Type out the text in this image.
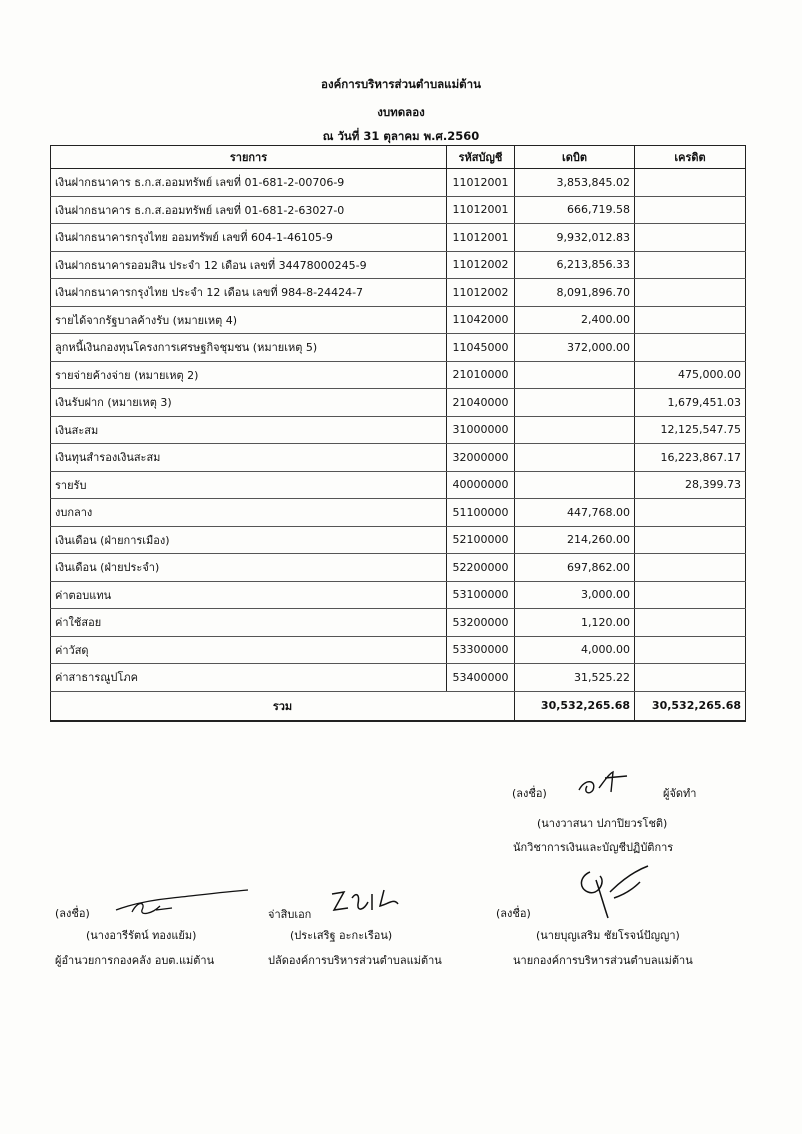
องค์การบริหารส่วนตำบลแม่ต้าน
งบทดลอง
ณ วันที่ 31 ตุลาคม พ.ศ.2560
รายการ	รหัสบัญชี	เดบิต	เครดิต
เงินฝากธนาคาร ธ.ก.ส.ออมทรัพย์ เลขที่ 01-681-2-00706-9	11012001	3,853,845.02	
เงินฝากธนาคาร ธ.ก.ส.ออมทรัพย์ เลขที่ 01-681-2-63027-0	11012001	666,719.58	
เงินฝากธนาคารกรุงไทย ออมทรัพย์ เลขที่ 604-1-46105-9	11012001	9,932,012.83	
เงินฝากธนาคารออมสิน ประจำ 12 เดือน เลขที่ 34478000245-9	11012002	6,213,856.33	
เงินฝากธนาคารกรุงไทย ประจำ 12 เดือน เลขที่ 984-8-24424-7	11012002	8,091,896.70	
รายได้จากรัฐบาลค้างรับ (หมายเหตุ 4)	11042000	2,400.00	
ลูกหนี้เงินกองทุนโครงการเศรษฐกิจชุมชน (หมายเหตุ 5)	11045000	372,000.00	
รายจ่ายค้างจ่าย (หมายเหตุ 2)	21010000		475,000.00
เงินรับฝาก (หมายเหตุ 3)	21040000		1,679,451.03
เงินสะสม	31000000		12,125,547.75
เงินทุนสำรองเงินสะสม	32000000		16,223,867.17
รายรับ	40000000		28,399.73
งบกลาง	51100000	447,768.00	
เงินเดือน (ฝ่ายการเมือง)	52100000	214,260.00	
เงินเดือน (ฝ่ายประจำ)	52200000	697,862.00	
ค่าตอบแทน	53100000	3,000.00	
ค่าใช้สอย	53200000	1,120.00	
ค่าวัสดุ	53300000	4,000.00	
ค่าสาธารณูปโภค	53400000	31,525.22	
รวม		30,532,265.68	30,532,265.68
(ลงชื่อ)	ผู้จัดทำ
(นางวาสนา ปภาปิยวรโชติ)
นักวิชาการเงินและบัญชีปฏิบัติการ
(ลงชื่อ)
(นางอารีรัตน์ ทองแย้ม)
ผู้อำนวยการกองคลัง อบต.แม่ต้าน
จ่าสิบเอก
(ประเสริฐ อะกะเรือน)
ปลัดองค์การบริหารส่วนตำบลแม่ต้าน
(ลงชื่อ)
(นายบุญเสริม ชัยโรจน์ปัญญา)
นายกองค์การบริหารส่วนตำบลแม่ต้าน
